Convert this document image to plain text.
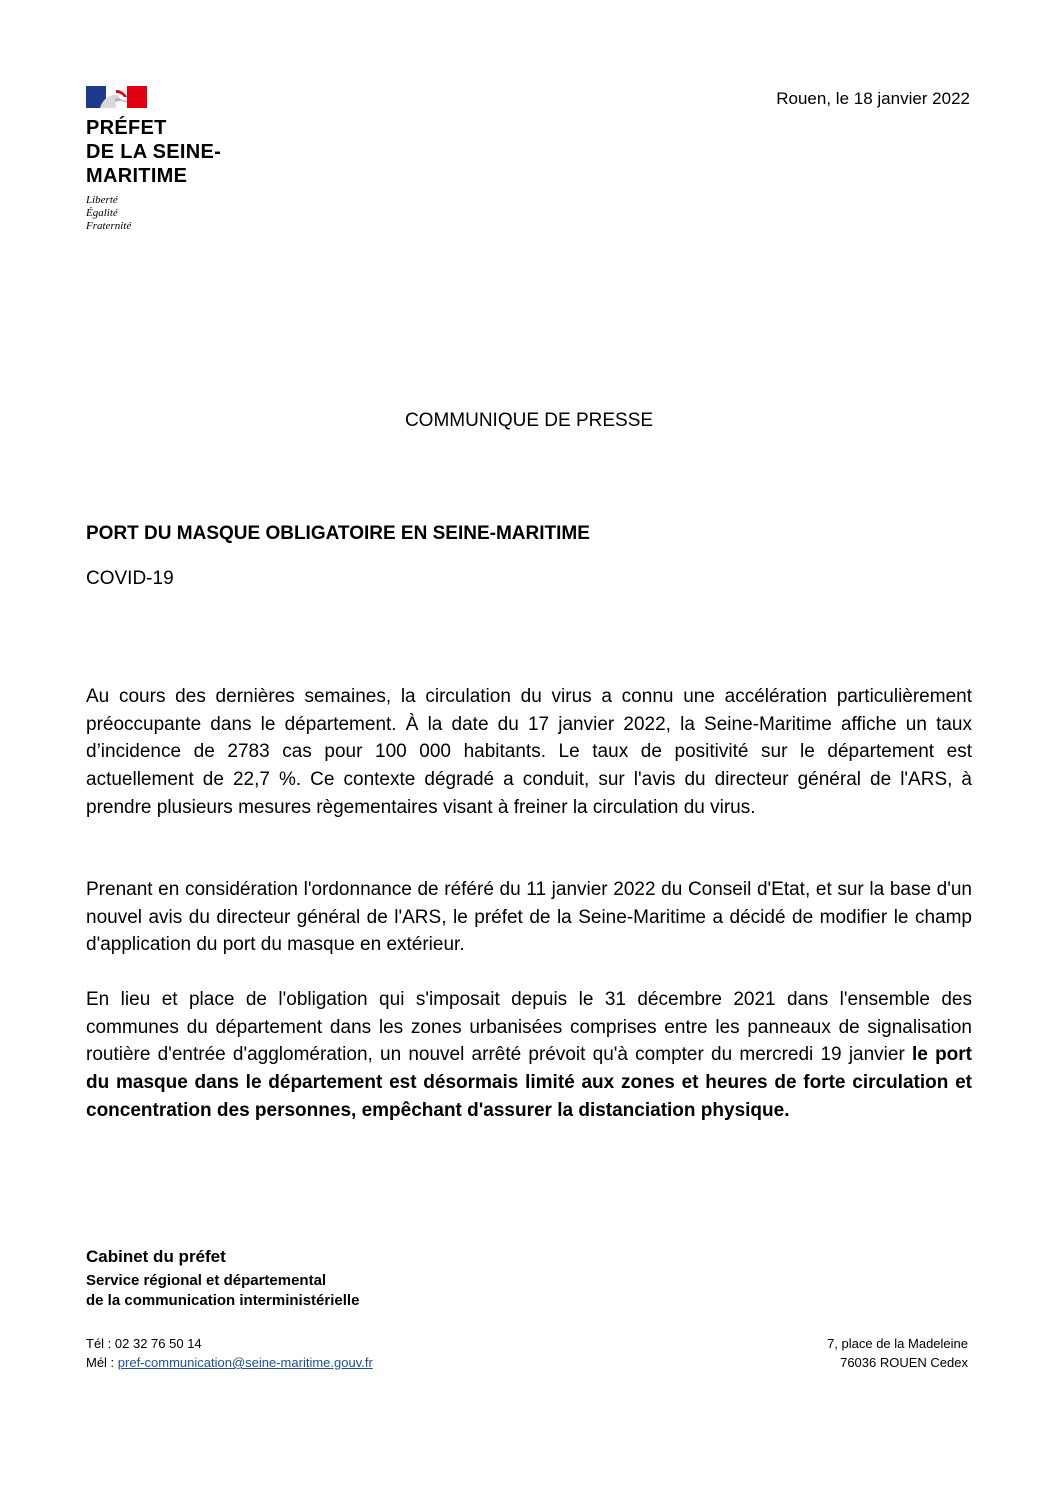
PRÉFET
DE LA SEINE-
MARITIME
Liberté
Égalité
Fraternité
Rouen, le 18 janvier 2022
COMMUNIQUE DE PRESSE
PORT DU MASQUE OBLIGATOIRE EN SEINE-MARITIME
COVID-19

Au cours des dernières semaines, la circulation du virus a connu une accélération particulièrement préoccupante dans le département. À la date du 17 janvier 2022, la Seine-Maritime affiche un taux d’incidence de 2783 cas pour 100 000 habitants. Le taux de positivité sur le département est actuellement de 22,7 %. Ce contexte dégradé a conduit, sur l'avis du directeur général de l'ARS, à prendre plusieurs mesures règementaires visant à freiner la circulation du virus.

Prenant en considération l'ordonnance de référé du 11 janvier 2022 du Conseil d'Etat, et sur la base d'un nouvel avis du directeur général de l'ARS, le préfet de la Seine-Maritime a décidé de modifier le champ d'application du port du masque en extérieur.

En lieu et place de l'obligation qui s'imposait depuis le 31 décembre 2021 dans l'ensemble des communes du département dans les zones urbanisées comprises entre les panneaux de signalisation routière d'entrée d'agglomération, un nouvel arrêté prévoit qu'à compter du mercredi 19 janvier le port du masque dans le département est désormais limité aux zones et heures de forte circulation et concentration des personnes, empêchant d'assurer la distanciation physique.

Cabinet du préfet
Service régional et départemental
de la communication interministérielle
Tél : 02 32 76 50 14
Mél : pref-communication@seine-maritime.gouv.fr
7, place de la Madeleine
76036 ROUEN Cedex
